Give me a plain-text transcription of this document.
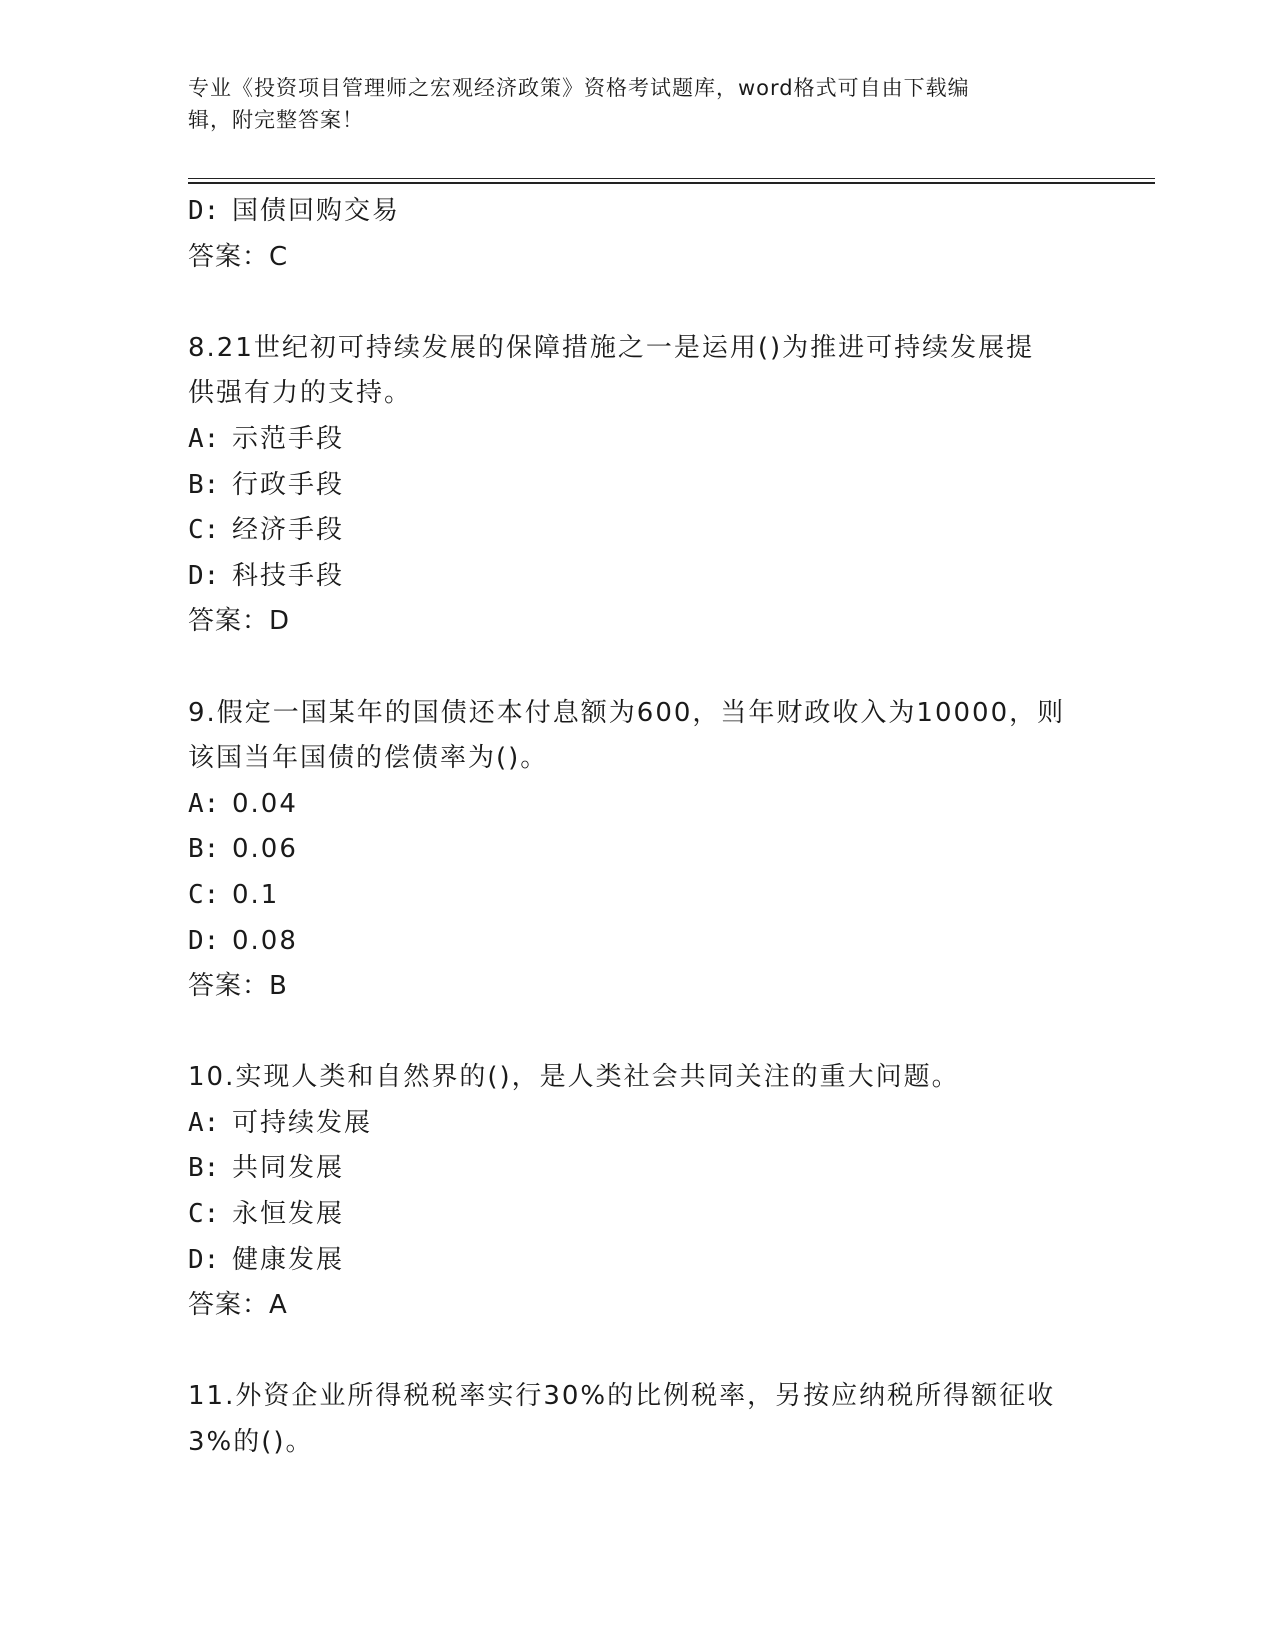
专业《投资项目管理师之宏观经济政策》资格考试题库，word格式可自由下载编
辑，附完整答案！
D: 国债回购交易
答案：C
8.21世纪初可持续发展的保障措施之一是运用()为推进可持续发展提
供强有力的支持。
A: 示范手段
B: 行政手段
C: 经济手段
D: 科技手段
答案：D
9.假定一国某年的国债还本付息额为600，当年财政收入为10000，则
该国当年国债的偿债率为()。
A: 0.04
B: 0.06
C: 0.1
D: 0.08
答案：B
10.实现人类和自然界的()，是人类社会共同关注的重大问题。
A: 可持续发展
B: 共同发展
C: 永恒发展
D: 健康发展
答案：A
11.外资企业所得税税率实行30%的比例税率，另按应纳税所得额征收
3%的()。
